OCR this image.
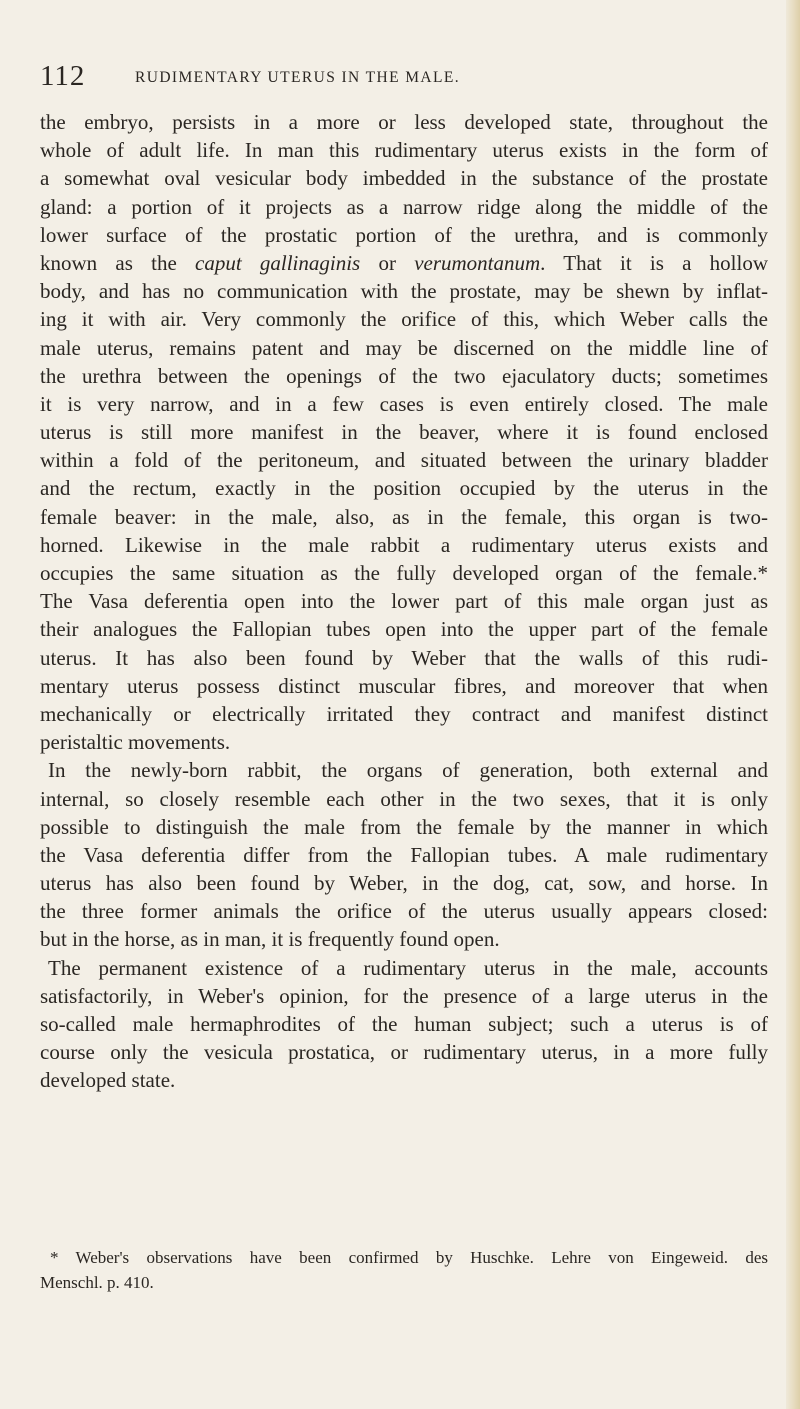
112	RUDIMENTARY UTERUS IN THE MALE.
the embryo, persists in a more or less developed state, throughout the
whole of adult life. In man this rudimentary uterus exists in the form of
a somewhat oval vesicular body imbedded in the substance of the prostate
gland: a portion of it projects as a narrow ridge along the middle of the
lower surface of the prostatic portion of the urethra, and is commonly
known as the caput gallinaginis or verumontanum. That it is a hollow
body, and has no communication with the prostate, may be shewn by inflat-
ing it with air. Very commonly the orifice of this, which Weber calls the
male uterus, remains patent and may be discerned on the middle line of
the urethra between the openings of the two ejaculatory ducts; sometimes
it is very narrow, and in a few cases is even entirely closed. The male
uterus is still more manifest in the beaver, where it is found enclosed
within a fold of the peritoneum, and situated between the urinary bladder
and the rectum, exactly in the position occupied by the uterus in the
female beaver: in the male, also, as in the female, this organ is two-
horned. Likewise in the male rabbit a rudimentary uterus exists and
occupies the same situation as the fully developed organ of the female.*
The Vasa deferentia open into the lower part of this male organ just as
their analogues the Fallopian tubes open into the upper part of the female
uterus. It has also been found by Weber that the walls of this rudi-
mentary uterus possess distinct muscular fibres, and moreover that when
mechanically or electrically irritated they contract and manifest distinct
peristaltic movements.
In the newly-born rabbit, the organs of generation, both external and
internal, so closely resemble each other in the two sexes, that it is only
possible to distinguish the male from the female by the manner in which
the Vasa deferentia differ from the Fallopian tubes. A male rudimentary
uterus has also been found by Weber, in the dog, cat, sow, and horse. In
the three former animals the orifice of the uterus usually appears closed:
but in the horse, as in man, it is frequently found open.
The permanent existence of a rudimentary uterus in the male, accounts
satisfactorily, in Weber's opinion, for the presence of a large uterus in the
so-called male hermaphrodites of the human subject; such a uterus is of
course only the vesicula prostatica, or rudimentary uterus, in a more fully
developed state.
* Weber's observations have been confirmed by Huschke. Lehre von Eingeweid. des
Menschl. p. 410.
